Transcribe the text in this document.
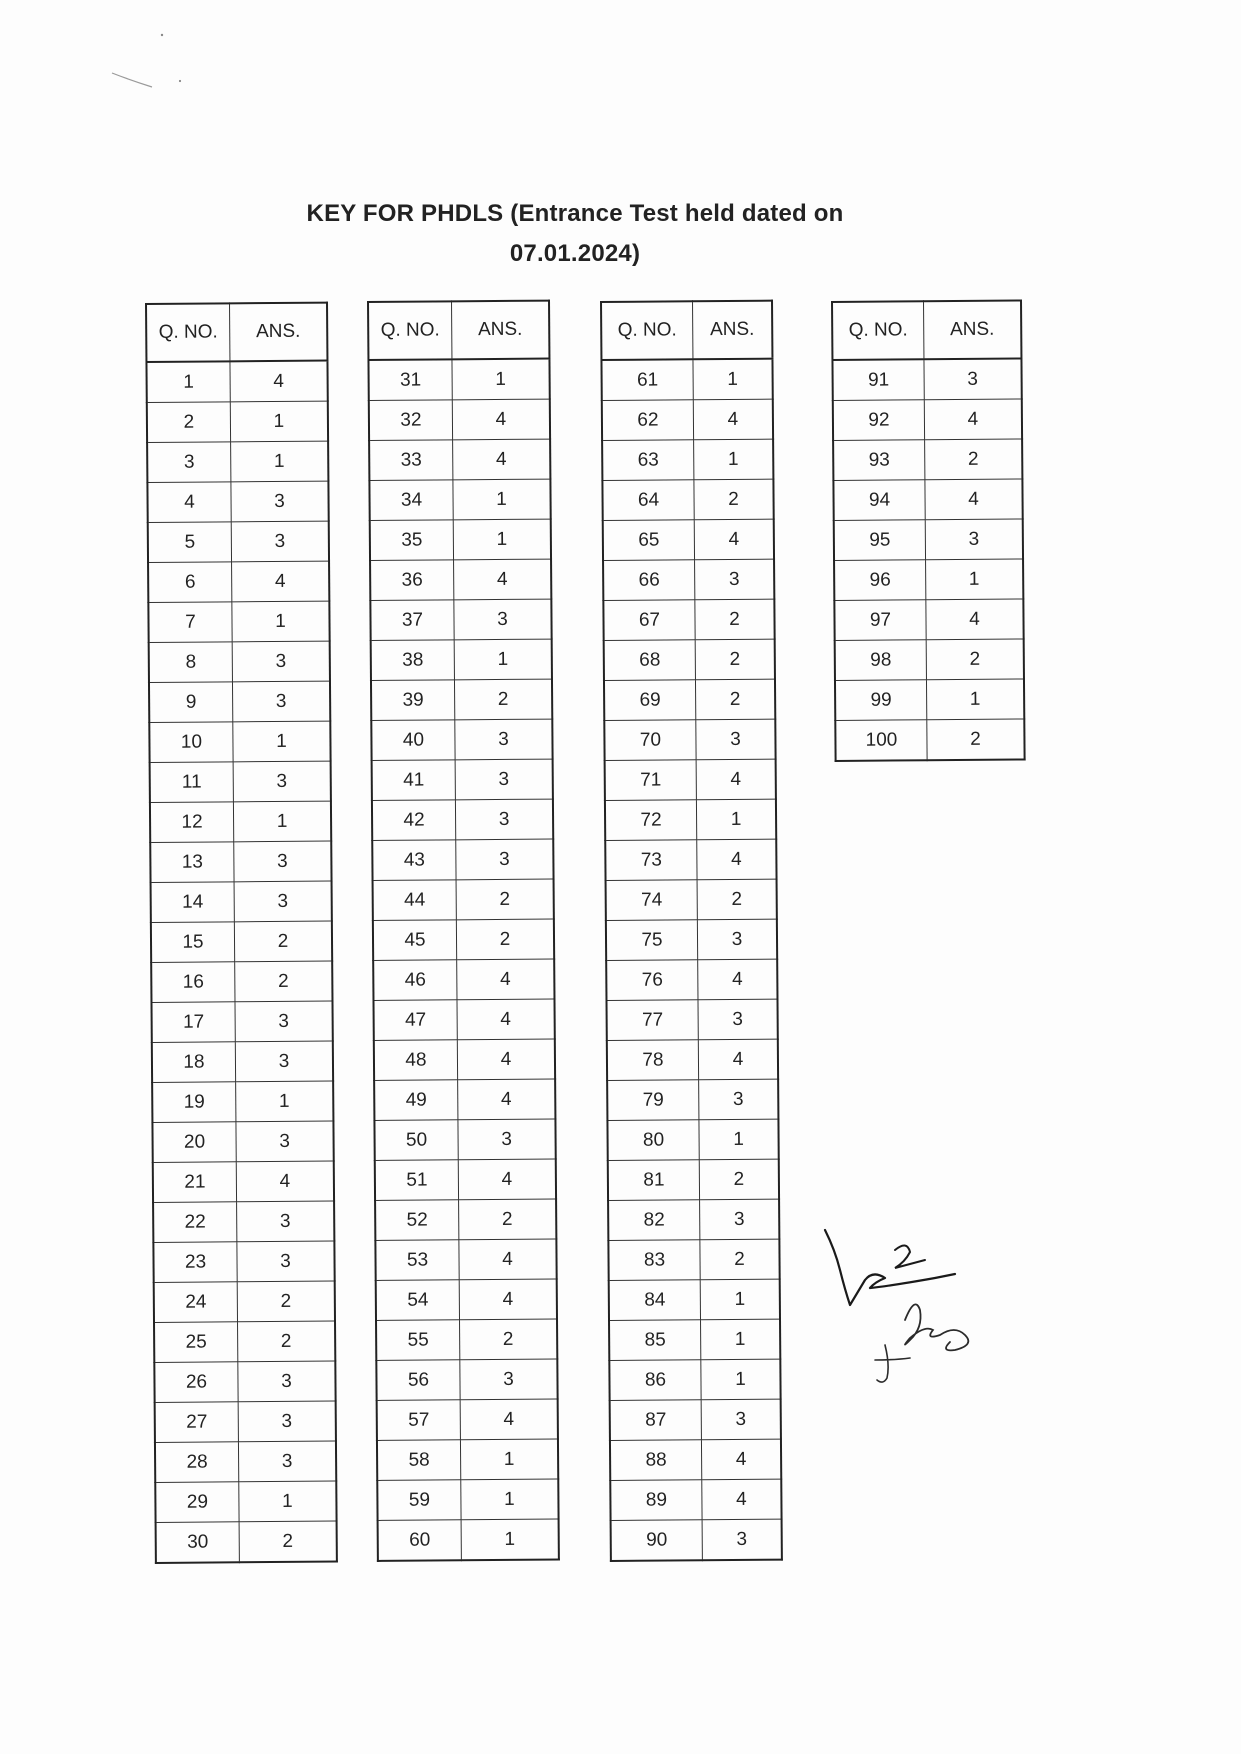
KEY FOR PHDLS (Entrance Test held dated on
07.01.2024)
Q. NO.	ANS.
1	4
2	1
3	1
4	3
5	3
6	4
7	1
8	3
9	3
10	1
11	3
12	1
13	3
14	3
15	2
16	2
17	3
18	3
19	1
20	3
21	4
22	3
23	3
24	2
25	2
26	3
27	3
28	3
29	1
30	2
Q. NO.	ANS.
31	1
32	4
33	4
34	1
35	1
36	4
37	3
38	1
39	2
40	3
41	3
42	3
43	3
44	2
45	2
46	4
47	4
48	4
49	4
50	3
51	4
52	2
53	4
54	4
55	2
56	3
57	4
58	1
59	1
60	1
Q. NO.	ANS.
61	1
62	4
63	1
64	2
65	4
66	3
67	2
68	2
69	2
70	3
71	4
72	1
73	4
74	2
75	3
76	4
77	3
78	4
79	3
80	1
81	2
82	3
83	2
84	1
85	1
86	1
87	3
88	4
89	4
90	3
Q. NO.	ANS.
91	3
92	4
93	2
94	4
95	3
96	1
97	4
98	2
99	1
100	2
